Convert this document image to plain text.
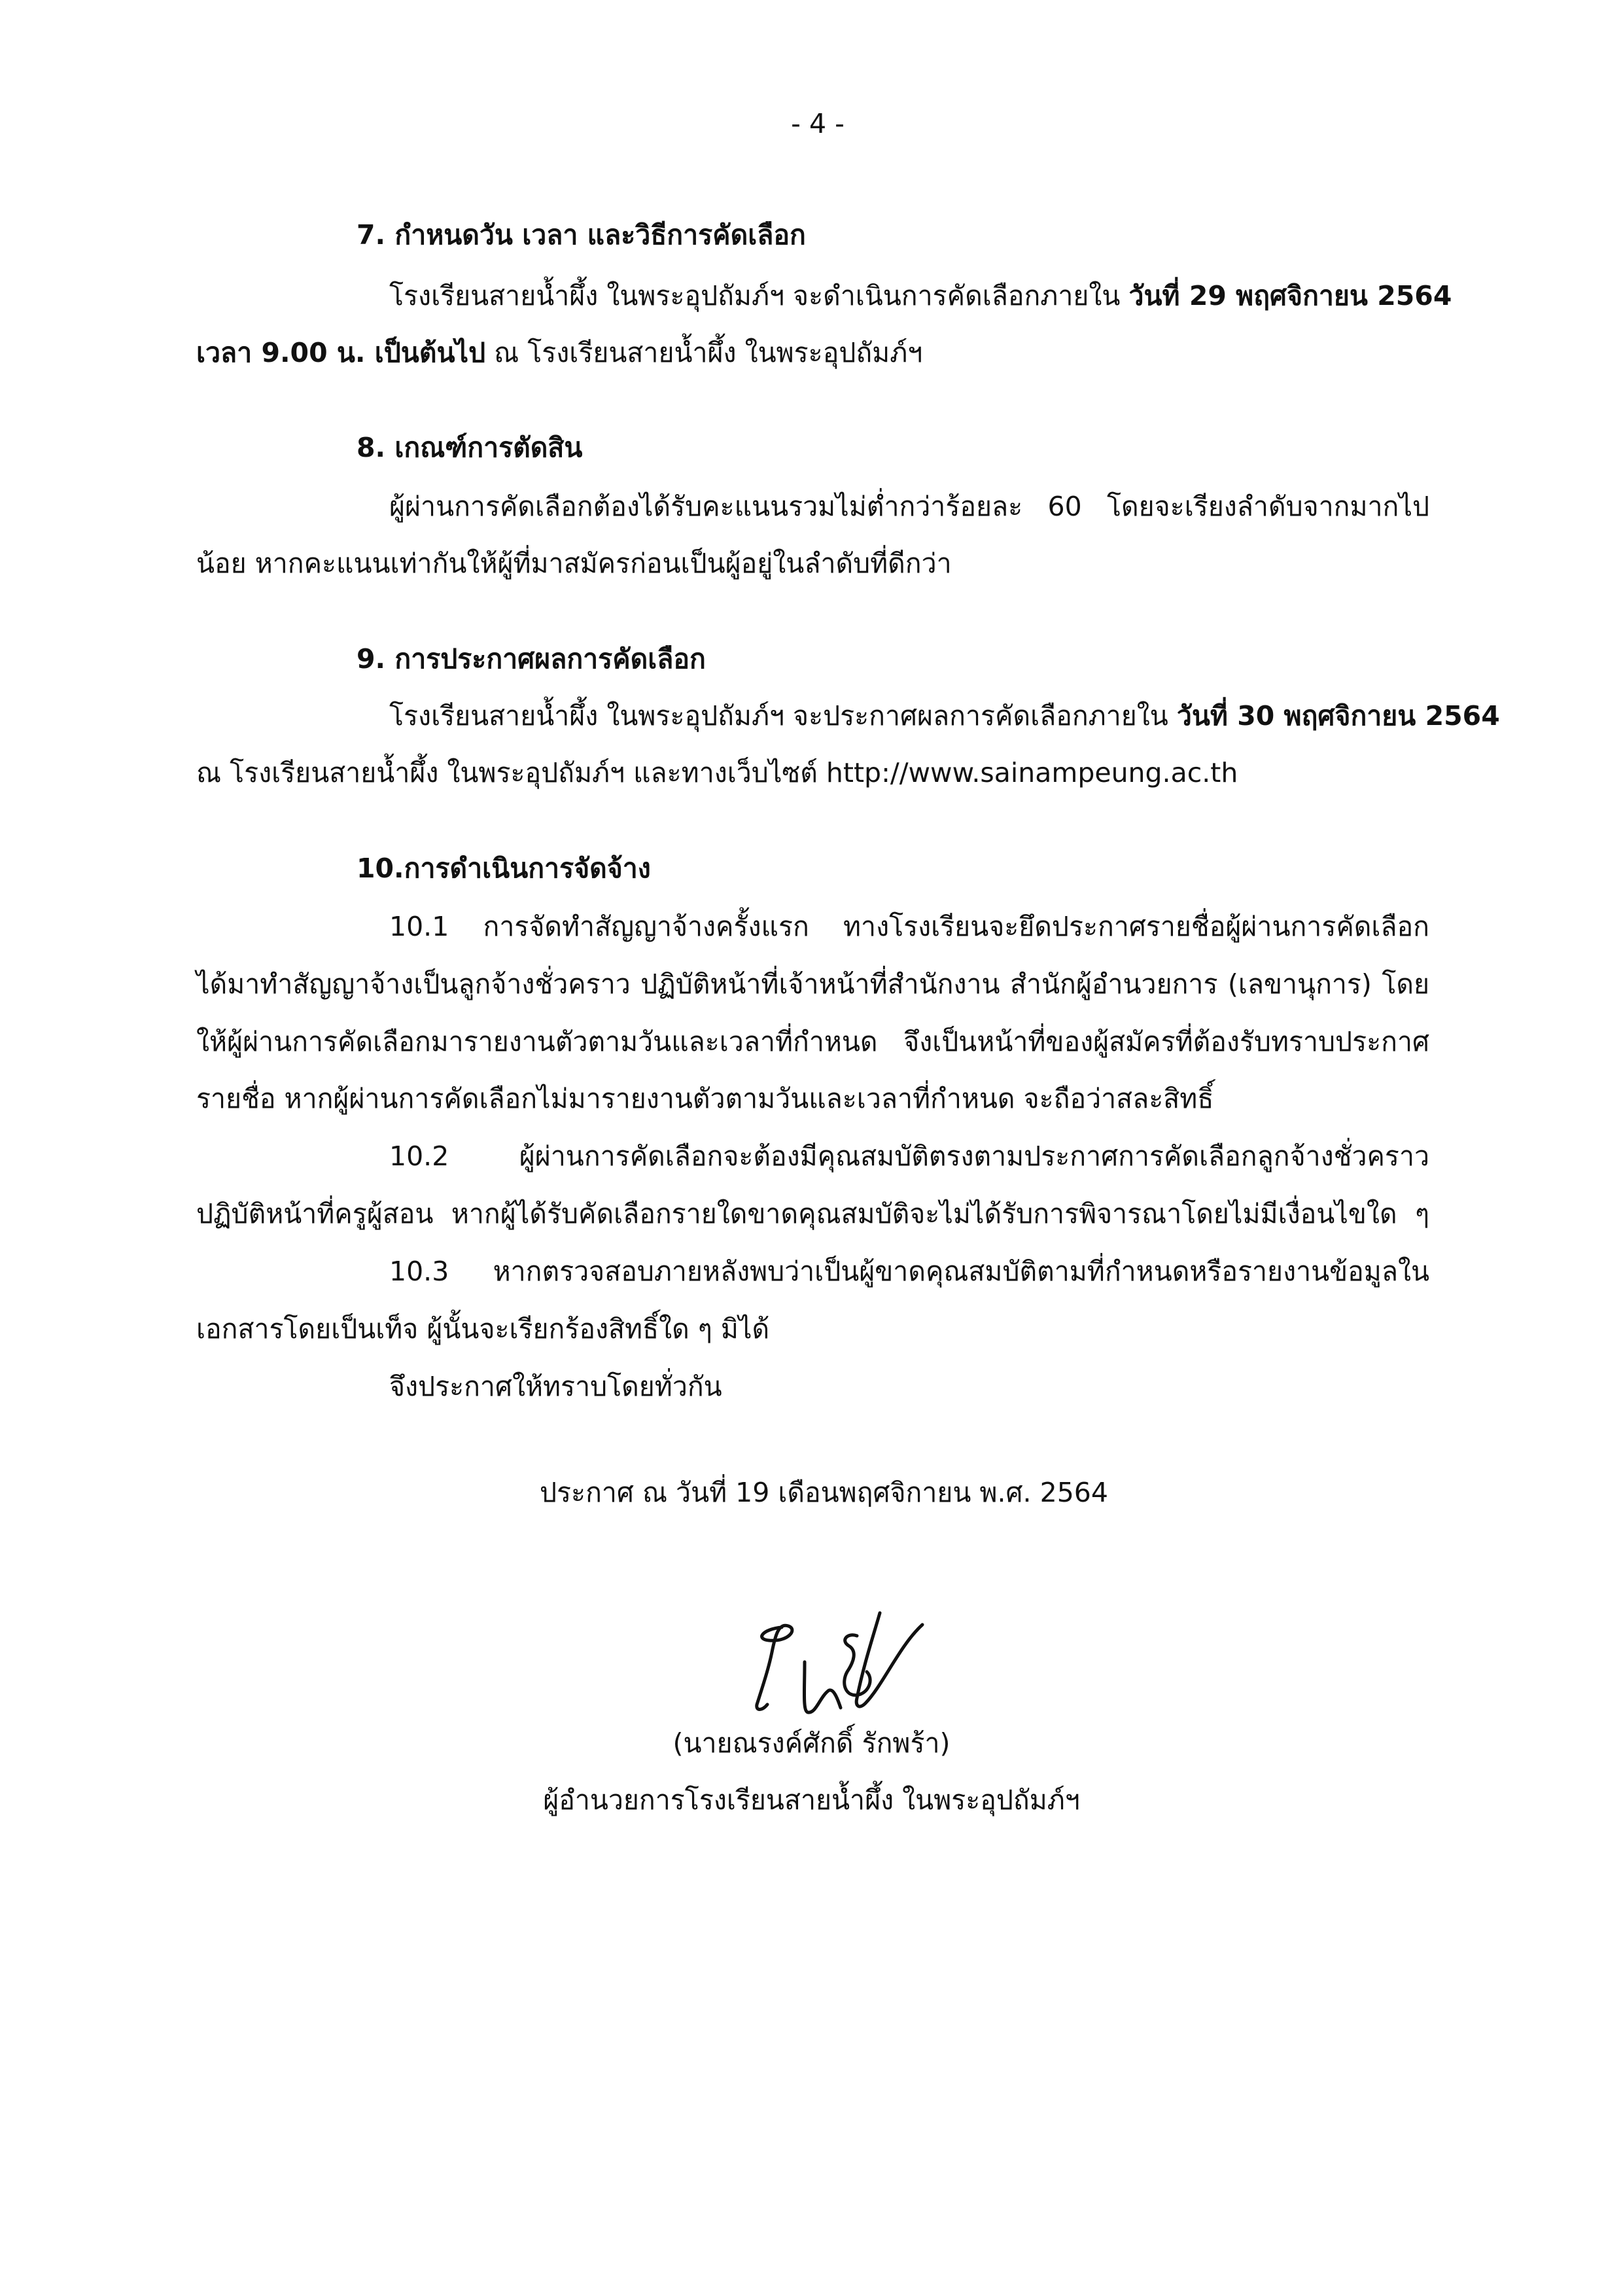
- 4 -
7. กำหนดวัน เวลา และวิธีการคัดเลือก
โรงเรียนสายน้ำผึ้ง ในพระอุปถัมภ์ฯ จะดำเนินการคัดเลือกภายใน วันที่ 29 พฤศจิกายน 2564
เวลา 9.00 น. เป็นต้นไป ณ โรงเรียนสายน้ำผึ้ง ในพระอุปถัมภ์ฯ
8. เกณฑ์การตัดสิน
ผู้ผ่านการคัดเลือกต้องได้รับคะแนนรวมไม่ต่ำกว่าร้อยละ 60 โดยจะเรียงลำดับจากมากไป
น้อย หากคะแนนเท่ากันให้ผู้ที่มาสมัครก่อนเป็นผู้อยู่ในลำดับที่ดีกว่า
9. การประกาศผลการคัดเลือก
โรงเรียนสายน้ำผึ้ง ในพระอุปถัมภ์ฯ จะประกาศผลการคัดเลือกภายใน วันที่ 30 พฤศจิกายน 2564
ณ โรงเรียนสายน้ำผึ้ง ในพระอุปถัมภ์ฯ และทางเว็บไซต์ http://www.sainampeung.ac.th
10.การดำเนินการจัดจ้าง
10.1 การจัดทำสัญญาจ้างครั้งแรก ทางโรงเรียนจะยึดประกาศรายชื่อผู้ผ่านการคัดเลือก
ได้มาทำสัญญาจ้างเป็นลูกจ้างชั่วคราว ปฏิบัติหน้าที่เจ้าหน้าที่สำนักงาน สำนักผู้อำนวยการ (เลขานุการ) โดย
ให้ผู้ผ่านการคัดเลือกมารายงานตัวตามวันและเวลาที่กำหนด จึงเป็นหน้าที่ของผู้สมัครที่ต้องรับทราบประกาศ
รายชื่อ หากผู้ผ่านการคัดเลือกไม่มารายงานตัวตามวันและเวลาที่กำหนด จะถือว่าสละสิทธิ์
10.2 ผู้ผ่านการคัดเลือกจะต้องมีคุณสมบัติตรงตามประกาศการคัดเลือกลูกจ้างชั่วคราว
ปฏิบัติหน้าที่ครูผู้สอน หากผู้ได้รับคัดเลือกรายใดขาดคุณสมบัติจะไม่ได้รับการพิจารณาโดยไม่มีเงื่อนไขใด ๆ
10.3 หากตรวจสอบภายหลังพบว่าเป็นผู้ขาดคุณสมบัติตามที่กำหนดหรือรายงานข้อมูลใน
เอกสารโดยเป็นเท็จ ผู้นั้นจะเรียกร้องสิทธิ์ใด ๆ มิได้
จึงประกาศให้ทราบโดยทั่วกัน
ประกาศ ณ วันที่ 19 เดือนพฤศจิกายน พ.ศ. 2564
(นายณรงค์ศักดิ์ รักพร้า)
ผู้อำนวยการโรงเรียนสายน้ำผึ้ง ในพระอุปถัมภ์ฯ
